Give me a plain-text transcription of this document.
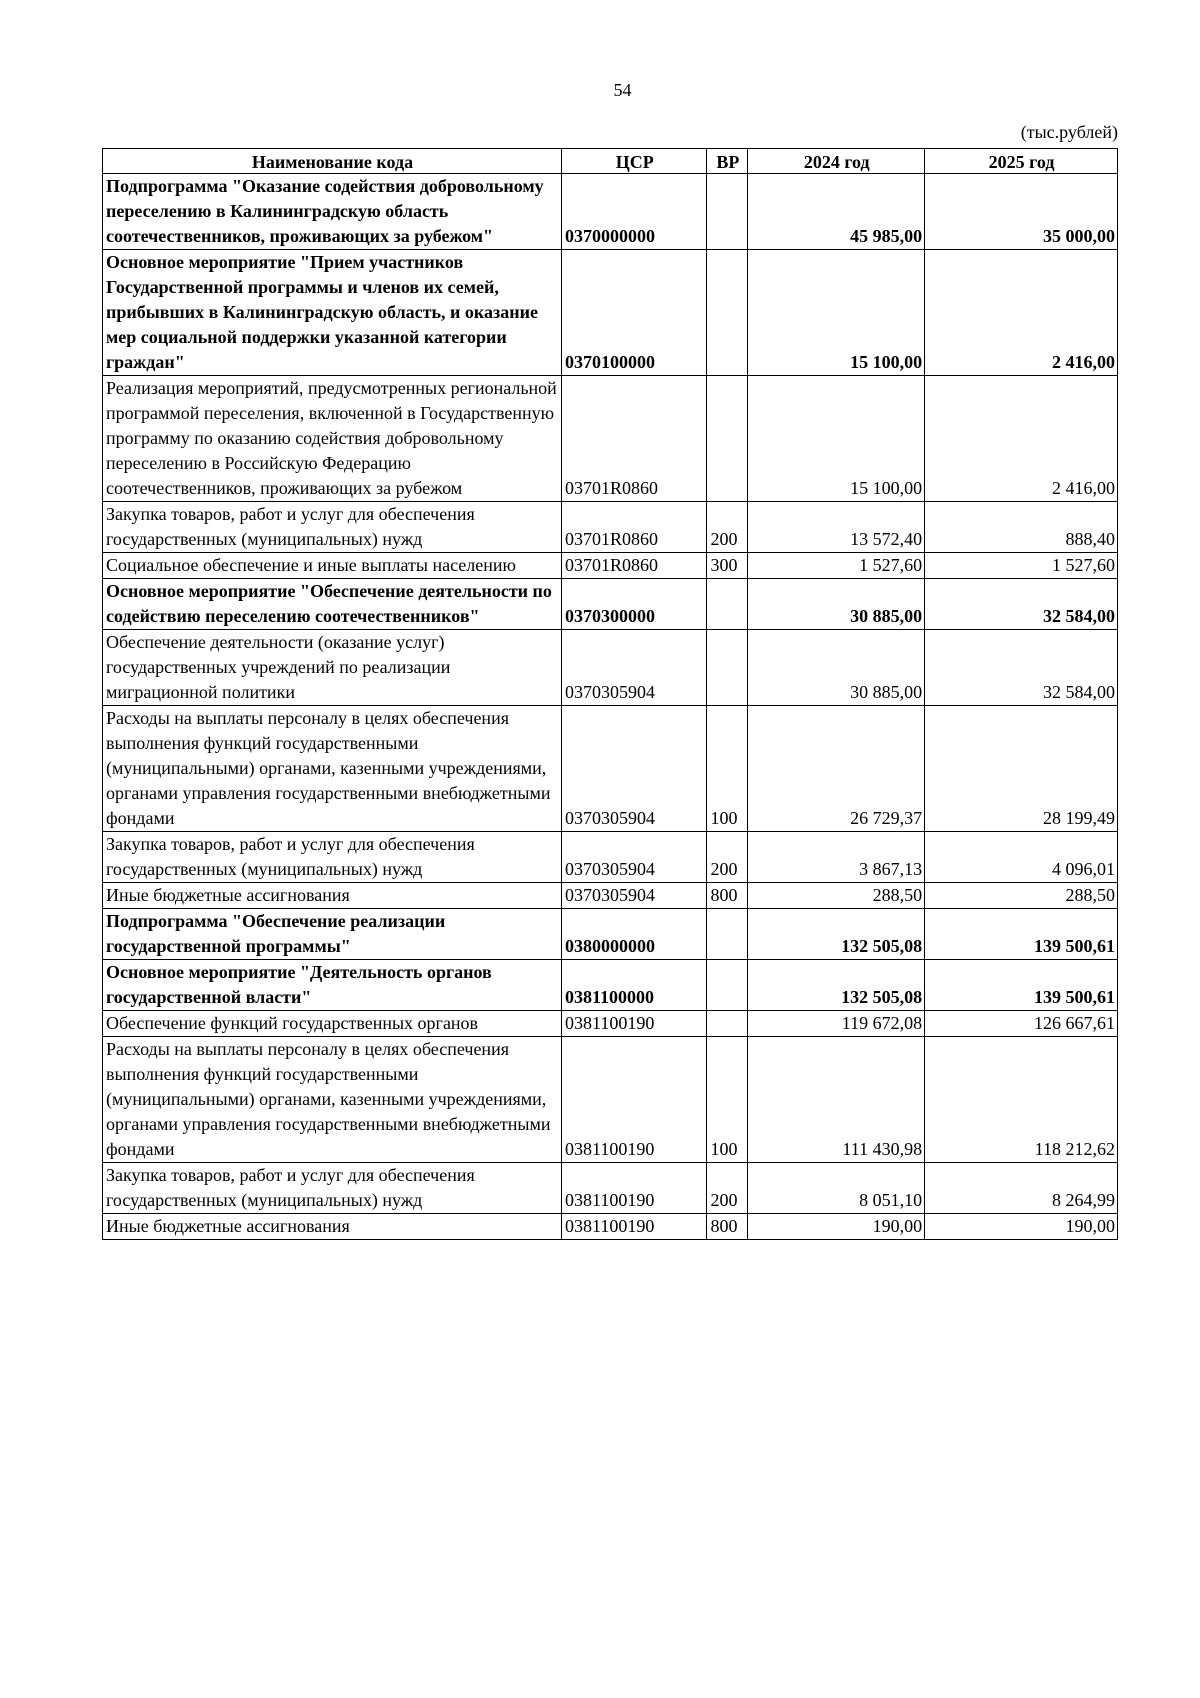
54
(тыс.рублей)
Наименование кода	ЦСР	ВР	2024 год	2025 год
Подпрограмма "Оказание содействия добровольному переселению в Калининградскую область соотечественников, проживающих за рубежом"	0370000000		45 985,00	35 000,00
Основное мероприятие "Прием участников Государственной программы и членов их семей, прибывших в Калининградскую область, и оказание мер социальной поддержки указанной категории граждан"	0370100000		15 100,00	2 416,00
Реализация мероприятий, предусмотренных региональной программой переселения, включенной в Государственную программу по оказанию содействия добровольному переселению в Российскую Федерацию соотечественников, проживающих за рубежом	03701R0860		15 100,00	2 416,00
Закупка товаров, работ и услуг для обеспечения государственных (муниципальных) нужд	03701R0860	200	13 572,40	888,40
Социальное обеспечение и иные выплаты населению	03701R0860	300	1 527,60	1 527,60
Основное мероприятие "Обеспечение деятельности по содействию переселению соотечественников"	0370300000		30 885,00	32 584,00
Обеспечение деятельности (оказание услуг) государственных учреждений по реализации миграционной политики	0370305904		30 885,00	32 584,00
Расходы на выплаты персоналу в целях обеспечения выполнения функций государственными (муниципальными) органами, казенными учреждениями, органами управления государственными внебюджетными фондами	0370305904	100	26 729,37	28 199,49
Закупка товаров, работ и услуг для обеспечения государственных (муниципальных) нужд	0370305904	200	3 867,13	4 096,01
Иные бюджетные ассигнования	0370305904	800	288,50	288,50
Подпрограмма "Обеспечение реализации государственной программы"	0380000000		132 505,08	139 500,61
Основное мероприятие "Деятельность органов государственной власти"	0381100000		132 505,08	139 500,61
Обеспечение функций государственных органов	0381100190		119 672,08	126 667,61
Расходы на выплаты персоналу в целях обеспечения выполнения функций государственными (муниципальными) органами, казенными учреждениями, органами управления государственными внебюджетными фондами	0381100190	100	111 430,98	118 212,62
Закупка товаров, работ и услуг для обеспечения государственных (муниципальных) нужд	0381100190	200	8 051,10	8 264,99
Иные бюджетные ассигнования	0381100190	800	190,00	190,00
